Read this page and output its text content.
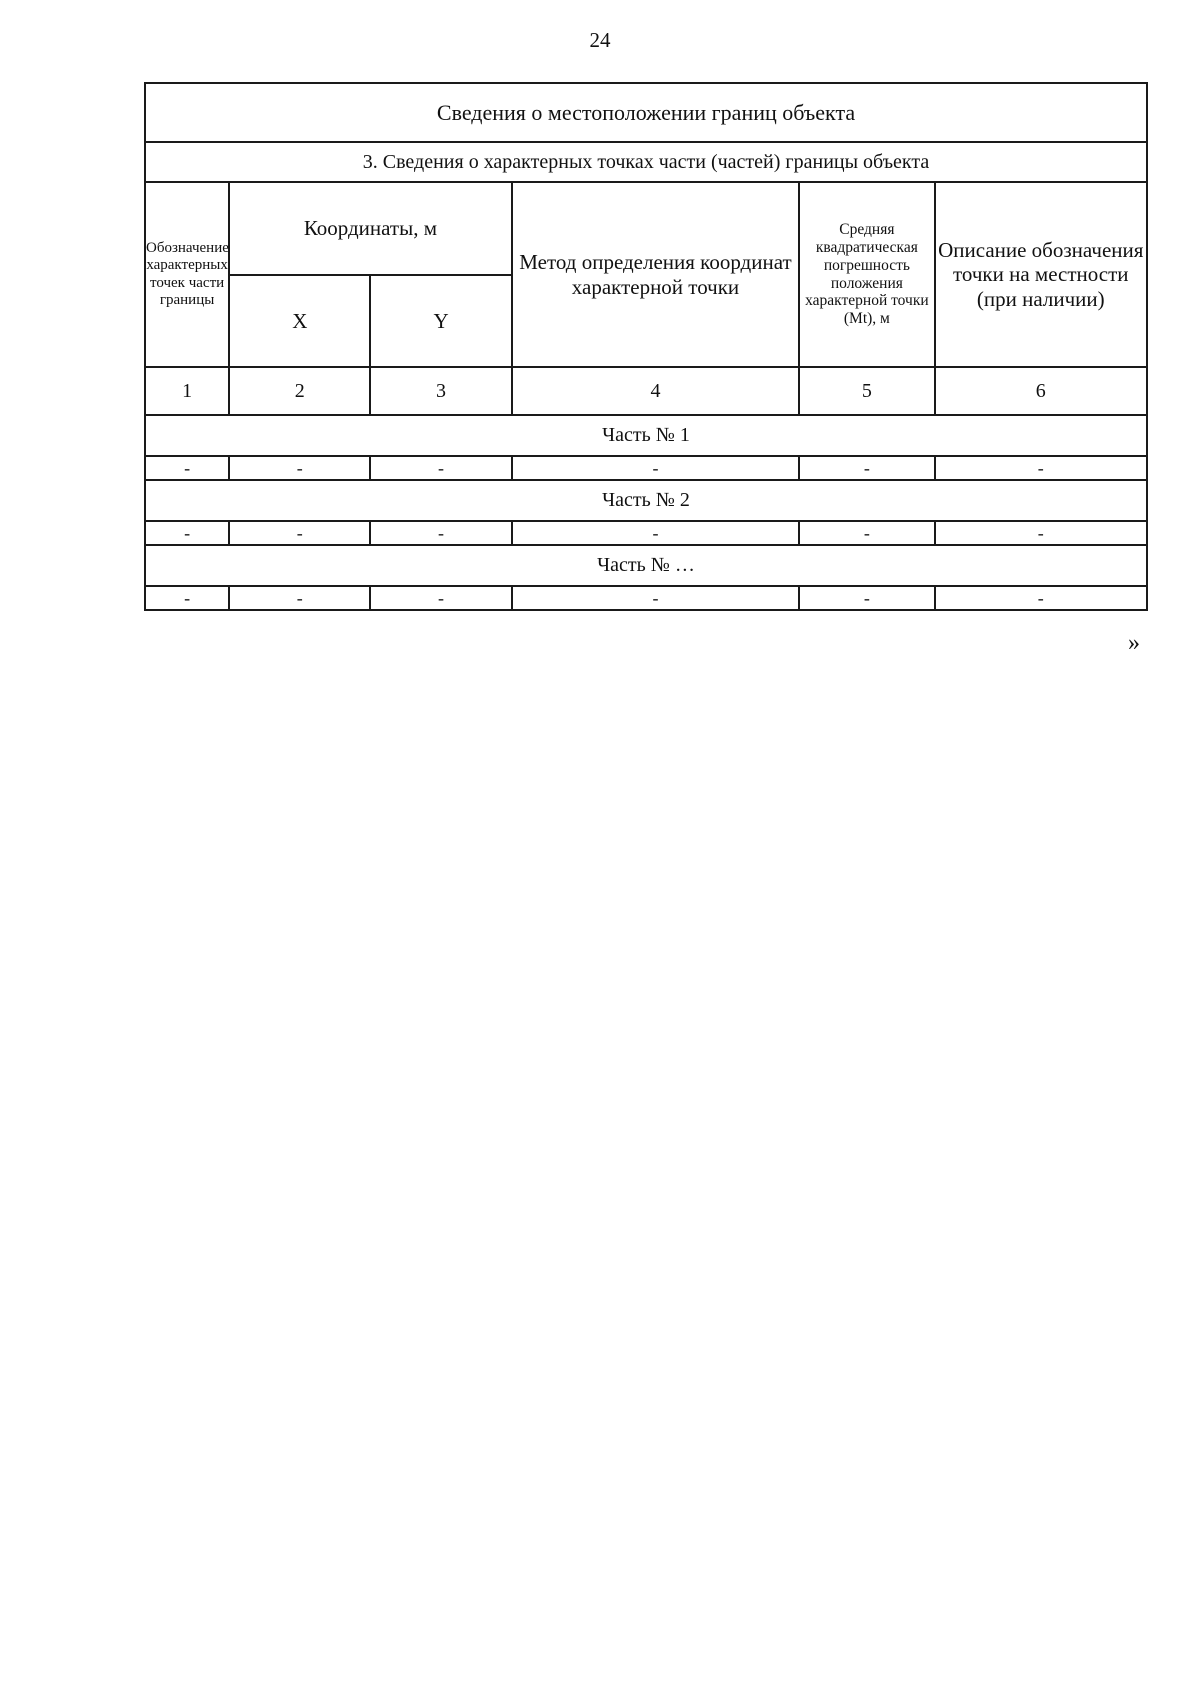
24
Сведения о местоположении границ объекта					
3. Сведения о характерных точках части (частей) границы объекта					
Обозначение характерных точек части границы	Координаты, м		Метод определения координат характерной точки	Средняя квадратическая погрешность положения характерной точки (Mt), м	Описание обозначения точки на местности (при наличии)
	X	Y			
1	2	3	4	5	6
Часть № 1					
-	-	-	-	-	-
Часть № 2					
-	-	-	-	-	-
Часть № …					
-	-	-	-	-	-
»
